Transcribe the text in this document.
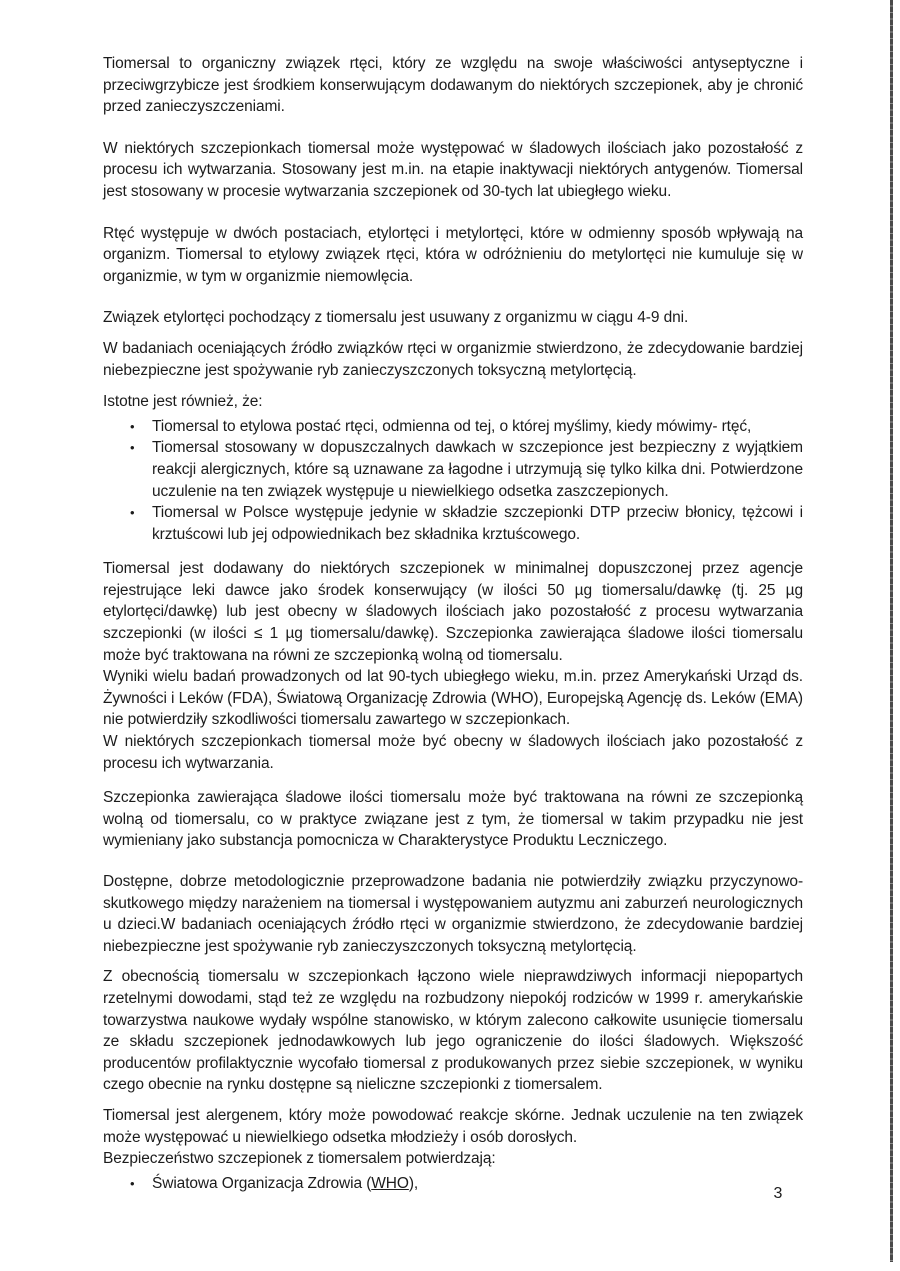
Tiomersal to organiczny związek rtęci, który ze względu na swoje właściwości antyseptyczne i przeciwgrzybicze jest środkiem konserwującym dodawanym do niektórych szczepionek, aby je chronić przed zanieczyszczeniami.

W niektórych szczepionkach tiomersal może występować w śladowych ilościach jako pozostałość z procesu ich wytwarzania. Stosowany jest m.in. na etapie inaktywacji niektórych antygenów. Tiomersal jest stosowany w procesie wytwarzania szczepionek od 30-tych lat ubiegłego wieku.

Rtęć występuje w dwóch postaciach, etylortęci i metylortęci, które w odmienny sposób wpływają na organizm. Tiomersal to etylowy związek rtęci, która w odróżnieniu do metylortęci nie kumuluje się w organizmie, w tym w organizmie niemowlęcia.

Związek etylortęci pochodzący z tiomersalu jest usuwany z organizmu w ciągu 4-9 dni.

W badaniach oceniających źródło związków rtęci w organizmie stwierdzono, że zdecydowanie bardziej niebezpieczne jest spożywanie ryb zanieczyszczonych toksyczną metylortęcią.

Istotne jest również, że:

•	Tiomersal to etylowa postać rtęci, odmienna od tej, o której myślimy, kiedy mówimy- rtęć,
•	Tiomersal stosowany w dopuszczalnych dawkach w szczepionce jest bezpieczny z wyjątkiem reakcji alergicznych, które są uznawane za łagodne i utrzymują się tylko kilka dni. Potwierdzone uczulenie na ten związek występuje u niewielkiego odsetka zaszczepionych.
•	Tiomersal w Polsce występuje jedynie w składzie szczepionki DTP przeciw błonicy, tężcowi i krztuścowi lub jej odpowiednikach bez składnika krztuścowego.

Tiomersal jest dodawany do niektórych szczepionek w minimalnej dopuszczonej przez agencje rejestrujące leki dawce jako środek konserwujący (w ilości 50 µg tiomersalu/dawkę (tj. 25 µg etylortęci/dawkę) lub jest obecny w śladowych ilościach jako pozostałość z procesu wytwarzania szczepionki (w ilości ≤ 1 µg tiomersalu/dawkę). Szczepionka zawierająca śladowe ilości tiomersalu może być traktowana na równi ze szczepionką wolną od tiomersalu.

Wyniki wielu badań prowadzonych od lat 90-tych ubiegłego wieku, m.in. przez Amerykański Urząd ds. Żywności i Leków (FDA), Światową Organizację Zdrowia (WHO), Europejską Agencję ds. Leków (EMA) nie potwierdziły szkodliwości tiomersalu zawartego w szczepionkach.

W niektórych szczepionkach tiomersal może być obecny w śladowych ilościach jako pozostałość z procesu ich wytwarzania.

Szczepionka zawierająca śladowe ilości tiomersalu może być traktowana na równi ze szczepionką wolną od tiomersalu, co w praktyce związane jest z tym, że tiomersal w takim przypadku nie jest wymieniany jako substancja pomocnicza w Charakterystyce Produktu Leczniczego.

Dostępne, dobrze metodologicznie przeprowadzone badania nie potwierdziły związku przyczynowo-skutkowego między narażeniem na tiomersal i występowaniem autyzmu ani zaburzeń neurologicznych u dzieci.W badaniach oceniających źródło rtęci w organizmie stwierdzono, że zdecydowanie bardziej niebezpieczne jest spożywanie ryb zanieczyszczonych toksyczną metylortęcią.

Z obecnością tiomersalu w szczepionkach łączono wiele nieprawdziwych informacji niepopartych rzetelnymi dowodami, stąd też ze względu na rozbudzony niepokój rodziców w 1999 r. amerykańskie towarzystwa naukowe wydały wspólne stanowisko, w którym zalecono całkowite usunięcie tiomersalu ze składu szczepionek jednodawkowych lub jego ograniczenie do ilości śladowych. Większość producentów profilaktycznie wycofało tiomersal z produkowanych przez siebie szczepionek, w wyniku czego obecnie na rynku dostępne są nieliczne szczepionki z tiomersalem.

Tiomersal jest alergenem, który może powodować reakcje skórne. Jednak uczulenie na ten związek może występować u niewielkiego odsetka młodzieży i osób dorosłych.

Bezpieczeństwo szczepionek z tiomersalem potwierdzają:

•	Światowa Organizacja Zdrowia (WHO),
3
